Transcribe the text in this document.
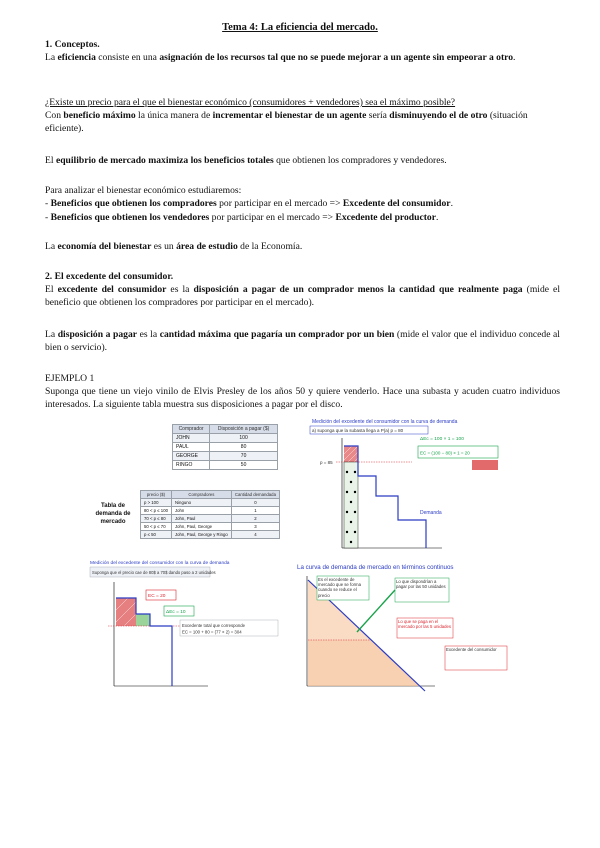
Tema 4: La eficiencia del mercado.
1. Conceptos.
La eficiencia consiste en una asignación de los recursos tal que no se puede mejorar a un agente sin empeorar a otro.
¿Existe un precio para el que el bienestar económico (consumidores + vendedores) sea el máximo posible?
Con beneficio máximo la única manera de incrementar el bienestar de un agente sería disminuyendo el de otro (situación eficiente).
El equilibrio de mercado maximiza los beneficios totales que obtienen los compradores y vendedores.
Para analizar el bienestar económico estudiaremos:
- Beneficios que obtienen los compradores por participar en el mercado => Excedente del consumidor.
- Beneficios que obtienen los vendedores por participar en el mercado => Excedente del productor.
La economía del bienestar es un área de estudio de la Economía.
2. El excedente del consumidor.
El excedente del consumidor es la disposición a pagar de un comprador menos la cantidad que realmente paga (mide el beneficio que obtienen los compradores por participar en el mercado).
La disposición a pagar es la cantidad máxima que pagaría un comprador por un bien (mide el valor que el individuo concede al bien o servicio).
EJEMPLO 1
Suponga que tiene un viejo vinilo de Elvis Presley de los años 50 y quiere venderlo. Hace una subasta y acuden cuatro individuos interesados. La siguiente tabla muestra sus disposiciones a pagar por el disco.
Comprador	Disposición a pagar ($)
JOHN	100
PAUL	80
GEORGE	70
RINGO	50
Tabla de demanda de mercado
precio ($)	Compradores	Cantidad demandada
p > 100	Ninguno	0
80 < p ≤ 100	John	1
70 < p ≤ 80	John, Paul	2
50 < p ≤ 70	John, Paul, George	3
p ≤ 50	John, Paul, George y Ringo	4
Medición del excedente del consumidor con la curva de demanda
a) suponga que la subasta llega a P(a) p = 80
p = 85
Demanda
ΔEc = 100 × 1 = 100
EC = (100 − 80) × 1 = 20
Medición del excedente del consumidor con la curva de demanda
Suponga que el precio cae de 80$ a 70$ dando paso a 2 unidades
EC = 20
ΔEc = 10
Excedente total que corresponde
EC = 100 + 80 = (77 × 2) = 304
La curva de demanda de mercado en términos continuos
Es el excedente de mercado que se forma cuando se reduce el precio
Lo que dispondrían a pagar por las 50 unidades
Lo que se paga en el mercado por las 5 unidades
Excedente del consumidor
